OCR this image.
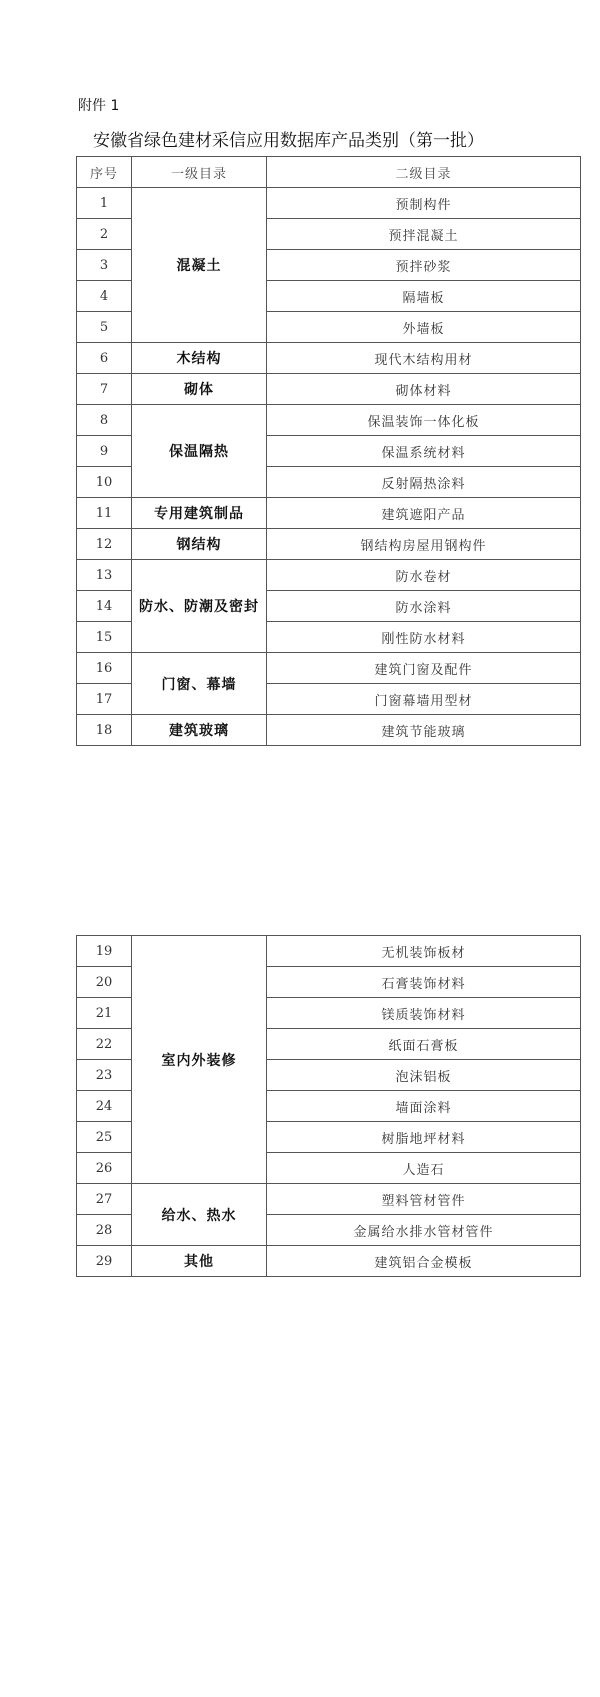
附件 1
安徽省绿色建材采信应用数据库产品类别（第一批）
序号	一级目录	二级目录
1	混凝土	预制构件
2		预拌混凝土
3		预拌砂浆
4		隔墙板
5		外墙板
6	木结构	现代木结构用材
7	砌体	砌体材料
8	保温隔热	保温装饰一体化板
9		保温系统材料
10		反射隔热涂料
11	专用建筑制品	建筑遮阳产品
12	钢结构	钢结构房屋用钢构件
13	防水、防潮及密封	防水卷材
14		防水涂料
15		刚性防水材料
16	门窗、幕墙	建筑门窗及配件
17		门窗幕墙用型材
18	建筑玻璃	建筑节能玻璃
19	室内外装修	无机装饰板材
20		石膏装饰材料
21		镁质装饰材料
22		纸面石膏板
23		泡沫铝板
24		墙面涂料
25		树脂地坪材料
26		人造石
27	给水、热水	塑料管材管件
28		金属给水排水管材管件
29	其他	建筑铝合金模板
